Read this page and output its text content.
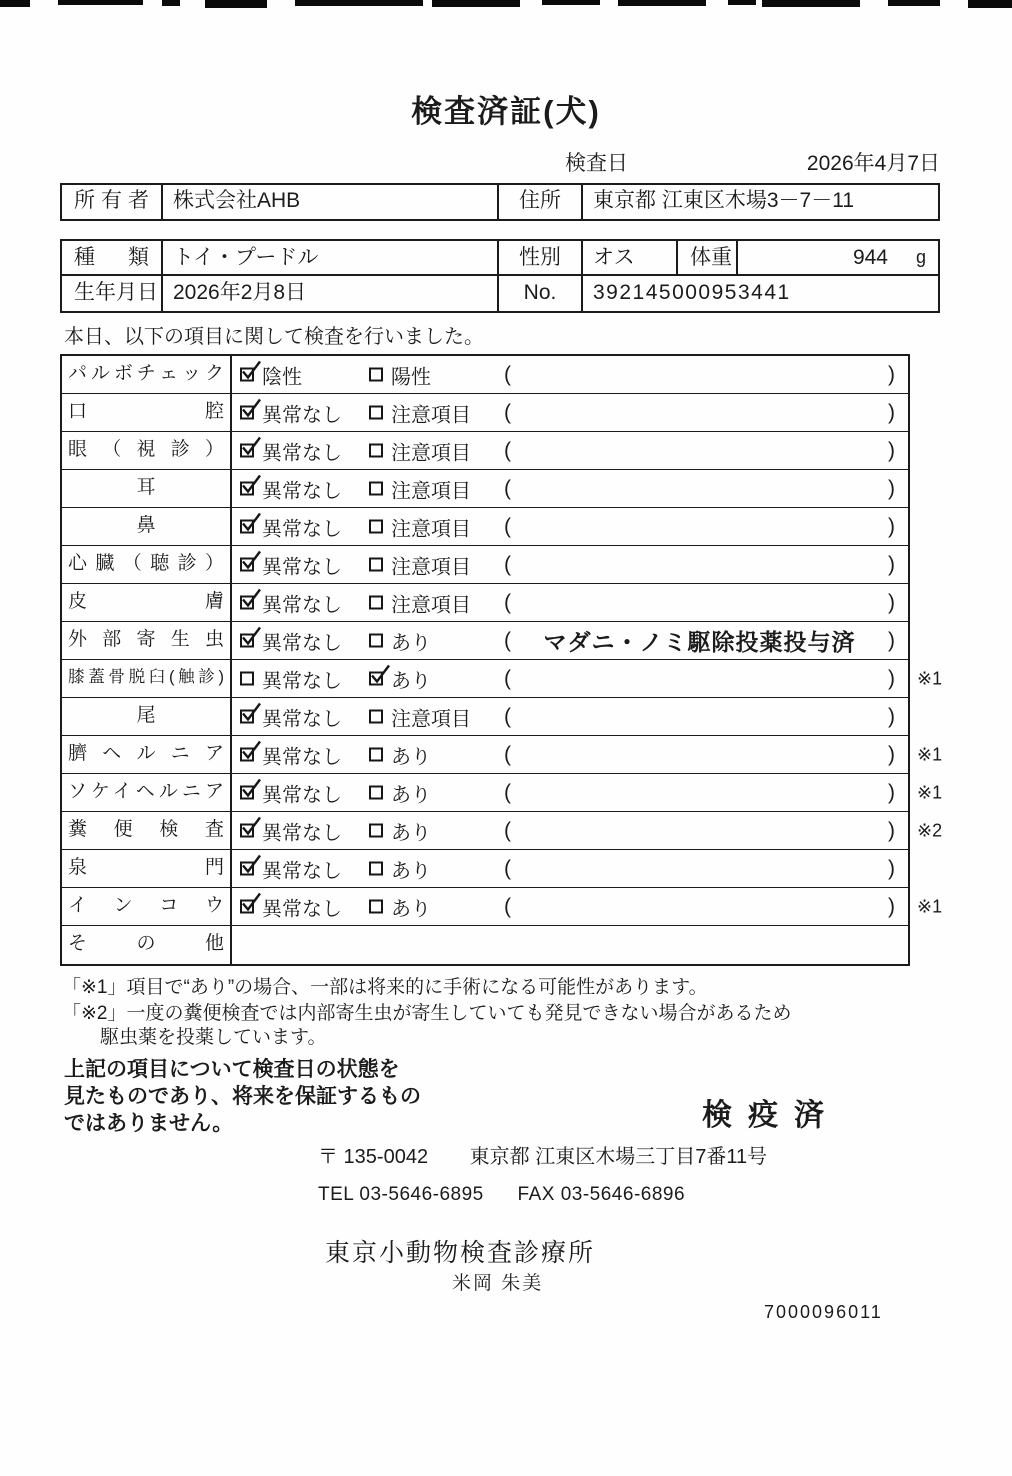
検査済証(犬)
検査日	2026年4月7日
所有者	株式会社AHB	住所	東京都 江東区木場3－7－11
種類	トイ・プードル	性別	オス	体重	944 g
生年月日 2026年2月8日	No.	392145000953441

本日、以下の項目に関して検査を行いました。

パルボチェック	陰性	陽性	(	)
口腔	異常なし 注意項目 (	)
眼（視診）	異常なし 注意項目 (	)
耳	異常なし 注意項目 (	)
鼻	異常なし 注意項目 (	)
心臓（聴診）	異常なし 注意項目 (	)
皮膚	異常なし 注意項目 (	)
外部寄生虫	異常なし あり	(	マダニ・ノミ駆除投薬投与済	)
膝蓋骨脱臼(触診)	異常なし あり	(	) ※1
尾	異常なし 注意項目 (	)
臍ヘルニア	異常なし あり	(	) ※1
ソケイヘルニア	異常なし あり	(	) ※1
糞便検査	異常なし あり	(	) ※2
泉門	異常なし あり	(	)
インコウ	異常なし あり	(	) ※1
その他

「※1」項目で“あり”の場合、一部は将来的に手術になる可能性があります。

「※2」一度の糞便検査では内部寄生虫が寄生していても発見できない場合があるため

駆虫薬を投薬しています。

上記の項目について検査日の状態を
見たものであり、将来を保証するもの
ではありません。	検疫済
〒 135-0042 東京都 江東区木場三丁目7番11号
TEL 03-5646-6895 FAX 03-5646-6896
東京小動物検査診療所
米岡 朱美
7000096011
